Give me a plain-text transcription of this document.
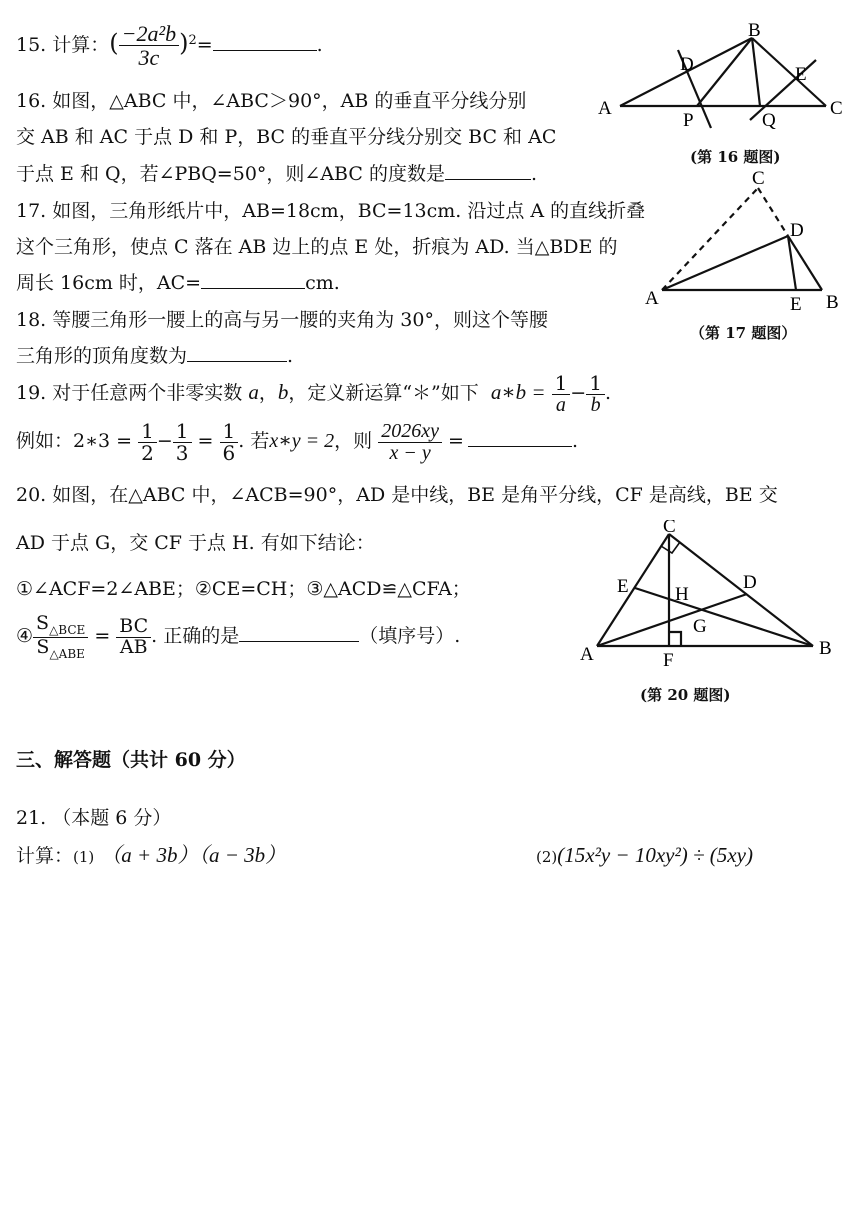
15. 计算：( $\frac{\text{−2a²b}}{3c} )^2=$	.
16. 如图，△ABC 中，∠ABC＞90°，AB 的垂直平分线分别
交 AB 和 AC 于点 D 和 P，BC 的垂直平分线分别交 BC 和 AC
于点 E 和 Q，若∠PBQ=50°，则∠ABC 的度数是	.
A
B
C
D	E
P	Q
(第 16 题图)
17. 如图，三角形纸片中，AB=18cm，BC=13cm. 沿过点 A 的直线折叠
这个三角形，使点 C 落在 AB 边上的点 E 处，折痕为 AD. 当△BDE 的
周长 16cm 时，AC=	cm.
A	B
C
D
E
（第 17 题图）
18. 等腰三角形一腰上的高与另一腰的夹角为 30°，则这个等腰
三角形的顶角度数为	.
19. 对于任意两个非零实数 a，b，定义新运算“＊”如下 a∗b = $\frac{1}{a} - \frac{1}{b}$ .
例如：2∗3 = $\frac{1}{2} - \frac{1}{3} = \frac{1}{6}$ . 若x∗y = 2，则 $\frac{2026xy}{x - y}$ =	.
20. 如图，在△ABC 中，∠ACB=90°，AD 是中线，BE 是角平分线，CF 是高线，BE 交
AD 于点 G，交 CF 于点 H. 有如下结论：
①∠ACF=2∠ABE；②CE=CH；③△ACD≌△CFA；
④ $\frac{S_{\triangle BCE}}{S_{\triangle ABE}} = \frac{BC}{AB}$ . 正确的是	（填序号）.
A	B
C
D
E
F
G
H
(第 20 题图)
三、解答题（共计 60 分）
21. （本题 6 分）
计算：(1) （a + 3b）（a − 3b）	(2)(15x²y − 10xy²) ÷ (5xy)
